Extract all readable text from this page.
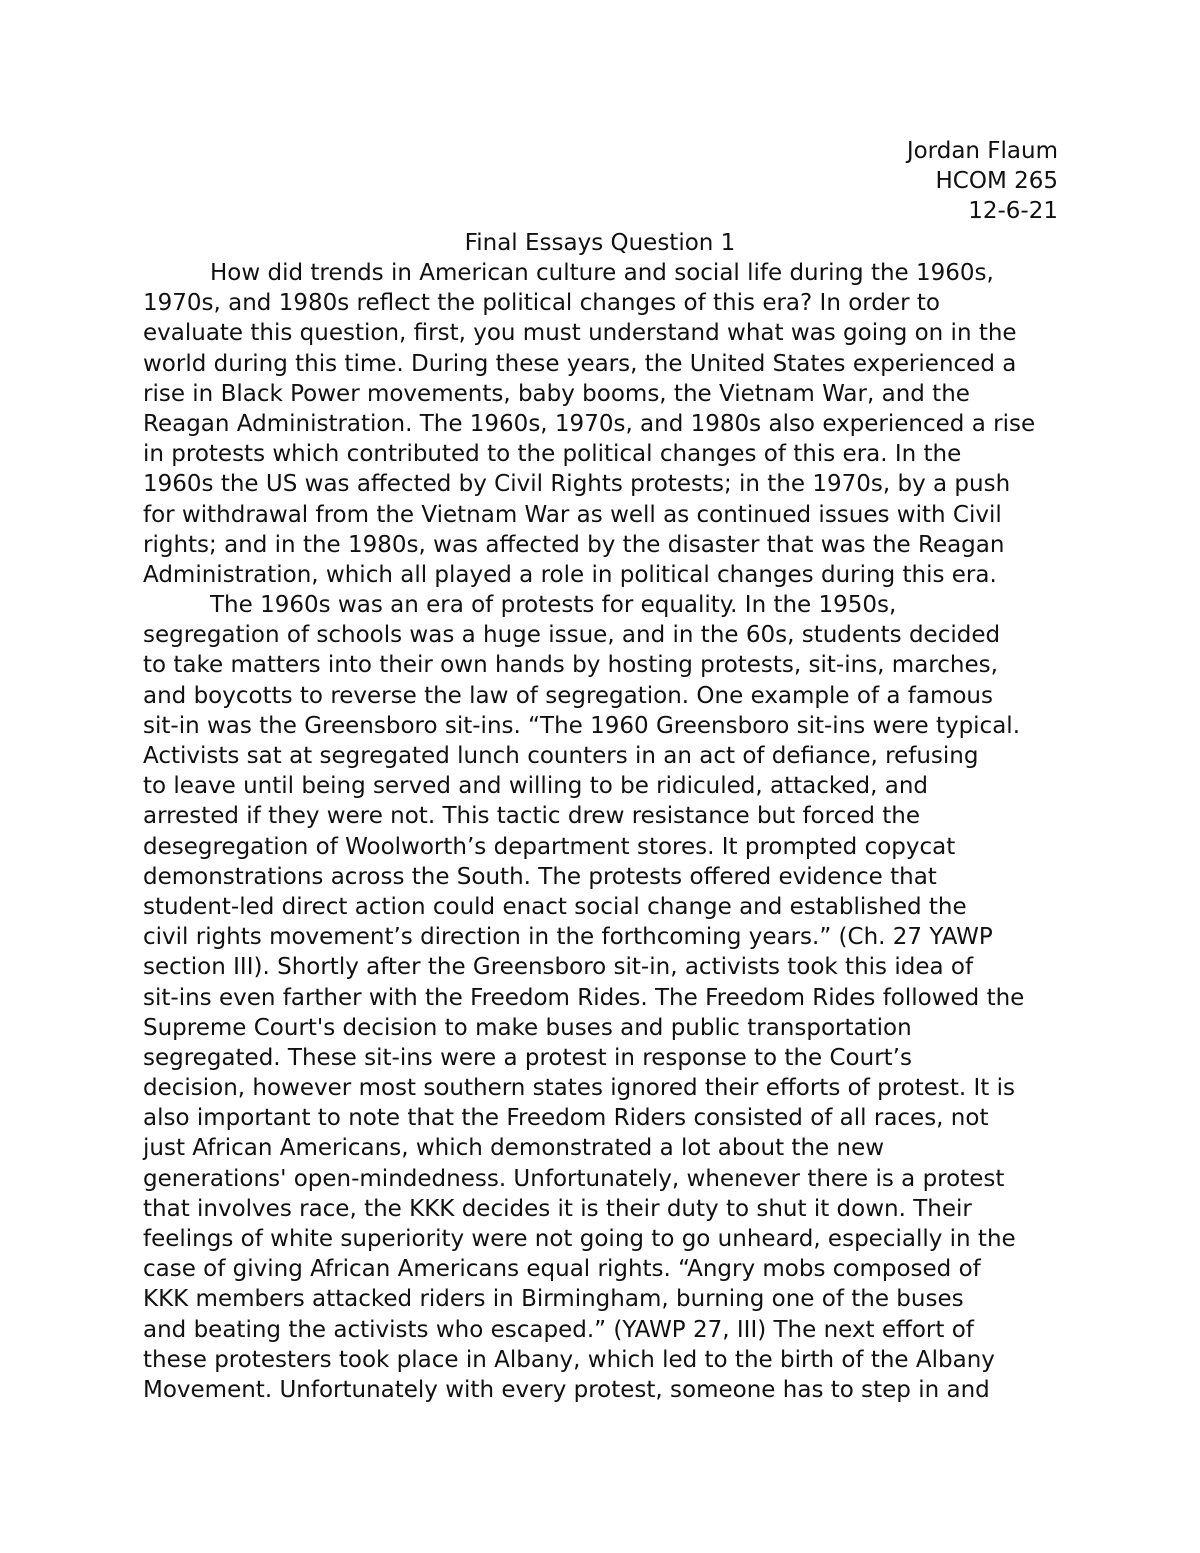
Jordan Flaum
HCOM 265
12-6-21
Final Essays Question 1
How did trends in American culture and social life during the 1960s,
1970s, and 1980s reflect the political changes of this era? In order to
evaluate this question, first, you must understand what was going on in the
world during this time. During these years, the United States experienced a
rise in Black Power movements, baby booms, the Vietnam War, and the
Reagan Administration. The 1960s, 1970s, and 1980s also experienced a rise
in protests which contributed to the political changes of this era. In the
1960s the US was affected by Civil Rights protests; in the 1970s, by a push
for withdrawal from the Vietnam War as well as continued issues with Civil
rights; and in the 1980s, was affected by the disaster that was the Reagan
Administration, which all played a role in political changes during this era.
The 1960s was an era of protests for equality. In the 1950s,
segregation of schools was a huge issue, and in the 60s, students decided
to take matters into their own hands by hosting protests, sit-ins, marches,
and boycotts to reverse the law of segregation. One example of a famous
sit-in was the Greensboro sit-ins. “The 1960 Greensboro sit-ins were typical.
Activists sat at segregated lunch counters in an act of defiance, refusing
to leave until being served and willing to be ridiculed, attacked, and
arrested if they were not. This tactic drew resistance but forced the
desegregation of Woolworth’s department stores. It prompted copycat
demonstrations across the South. The protests offered evidence that
student-led direct action could enact social change and established the
civil rights movement’s direction in the forthcoming years.” (Ch. 27 YAWP
section III). Shortly after the Greensboro sit-in, activists took this idea of
sit-ins even farther with the Freedom Rides. The Freedom Rides followed the
Supreme Court's decision to make buses and public transportation
segregated. These sit-ins were a protest in response to the Court’s
decision, however most southern states ignored their efforts of protest. It is
also important to note that the Freedom Riders consisted of all races, not
just African Americans, which demonstrated a lot about the new
generations' open-mindedness. Unfortunately, whenever there is a protest
that involves race, the KKK decides it is their duty to shut it down. Their
feelings of white superiority were not going to go unheard, especially in the
case of giving African Americans equal rights. “Angry mobs composed of
KKK members attacked riders in Birmingham, burning one of the buses
and beating the activists who escaped.” (YAWP 27, III) The next effort of
these protesters took place in Albany, which led to the birth of the Albany
Movement. Unfortunately with every protest, someone has to step in and
